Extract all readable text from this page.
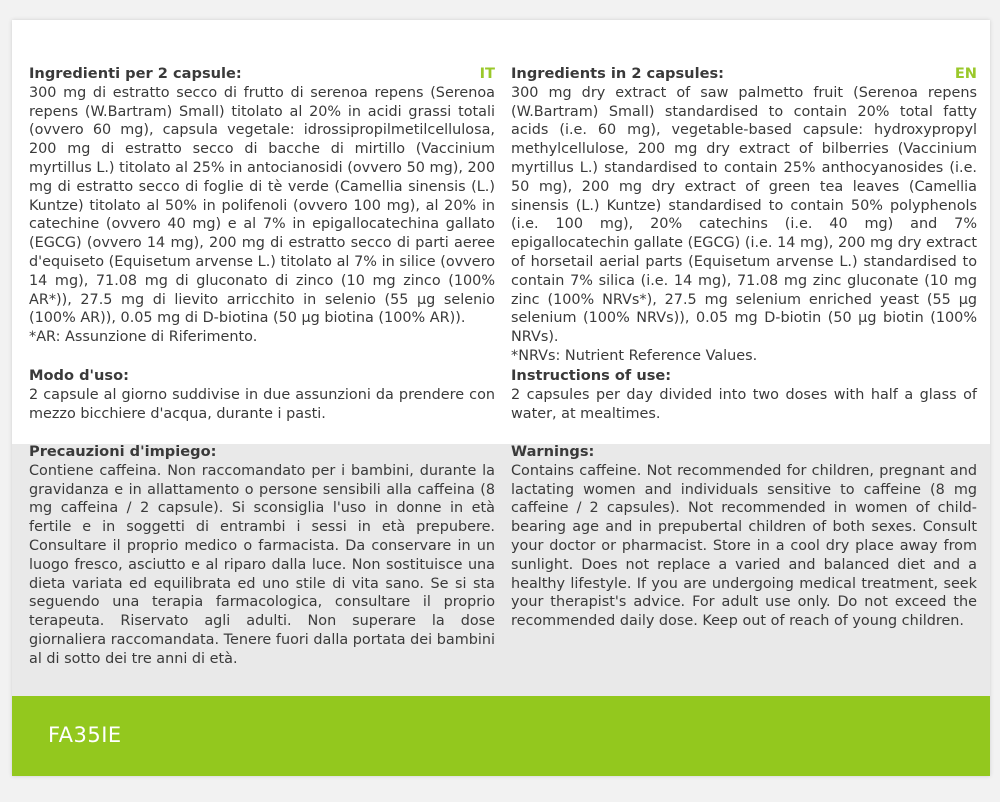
Ingredienti per 2 capsule:	IT

300 mg di estratto secco di frutto di serenoa repens (Serenoa repens (W.Bartram) Small) titolato al 20% in acidi grassi totali (ovvero 60 mg), capsula vegetale: idrossipropilmetilcellulosa, 200 mg di estratto secco di bacche di mirtillo (Vaccinium myrtillus L.) titolato al 25% in antocianosidi (ovvero 50 mg), 200 mg di estratto secco di foglie di tè verde (Camellia sinensis (L.) Kuntze) titolato al 50% in polifenoli (ovvero 100 mg), al 20% in catechine (ovvero 40 mg) e al 7% in epigallocatechina gallato (EGCG) (ovvero 14 mg), 200 mg di estratto secco di parti aeree d'equiseto (Equisetum arvense L.) titolato al 7% in silice (ovvero 14 mg), 71.08 mg di gluconato di zinco (10 mg zinco (100% AR*)), 27.5 mg di lievito arricchito in selenio (55 µg selenio (100% AR)), 0.05 mg di D-biotina (50 µg biotina (100% AR)).

*AR: Assunzione di Riferimento.

Ingredients in 2 capsules:	EN

300 mg dry extract of saw palmetto fruit (Serenoa repens (W.Bartram) Small) standardised to contain 20% total fatty acids (i.e. 60 mg), vegetable-based capsule: hydroxypropyl methylcellulose, 200 mg dry extract of bilberries (Vaccinium myrtillus L.) standardised to contain 25% anthocyanosides (i.e. 50 mg), 200 mg dry extract of green tea leaves (Camellia sinensis (L.) Kuntze) standardised to contain 50% polyphenols (i.e. 100 mg), 20% catechins (i.e. 40 mg) and 7% epigallocatechin gallate (EGCG) (i.e. 14 mg), 200 mg dry extract of horsetail aerial parts (Equisetum arvense L.) standardised to contain 7% silica (i.e. 14 mg), 71.08 mg zinc gluconate (10 mg zinc (100% NRVs*), 27.5 mg selenium enriched yeast (55 µg selenium (100% NRVs)), 0.05 mg D-biotin (50 µg biotin (100% NRVs).

*NRVs: Nutrient Reference Values.

Modo d'uso:

2 capsule al giorno suddivise in due assunzioni da prendere con mezzo bicchiere d'acqua, durante i pasti.

Instructions of use:

2 capsules per day divided into two doses with half a glass of water, at mealtimes.

Precauzioni d'impiego:

Contiene caffeina. Non raccomandato per i bambini, durante la gravidanza e in allattamento o persone sensibili alla caffeina (8 mg caffeina / 2 capsule). Si sconsiglia l'uso in donne in età fertile e in soggetti di entrambi i sessi in età prepubere. Consultare il proprio medico o farmacista. Da conservare in un luogo fresco, asciutto e al riparo dalla luce. Non sostituisce una dieta variata ed equilibrata ed uno stile di vita sano. Se si sta seguendo una terapia farmacologica, consultare il proprio terapeuta. Riservato agli adulti. Non superare la dose giornaliera raccomandata. Tenere fuori dalla portata dei bambini al di sotto dei tre anni di età.

Warnings:

Contains caffeine. Not recommended for children, pregnant and lactating women and individuals sensitive to caffeine (8 mg caffeine / 2 capsules). Not recommended in women of child-bearing age and in prepubertal children of both sexes. Consult your doctor or pharmacist. Store in a cool dry place away from sunlight. Does not replace a varied and balanced diet and a healthy lifestyle. If you are undergoing medical treatment, seek your therapist's advice. For adult use only. Do not exceed the recommended daily dose. Keep out of reach of young children.

FA35IE
